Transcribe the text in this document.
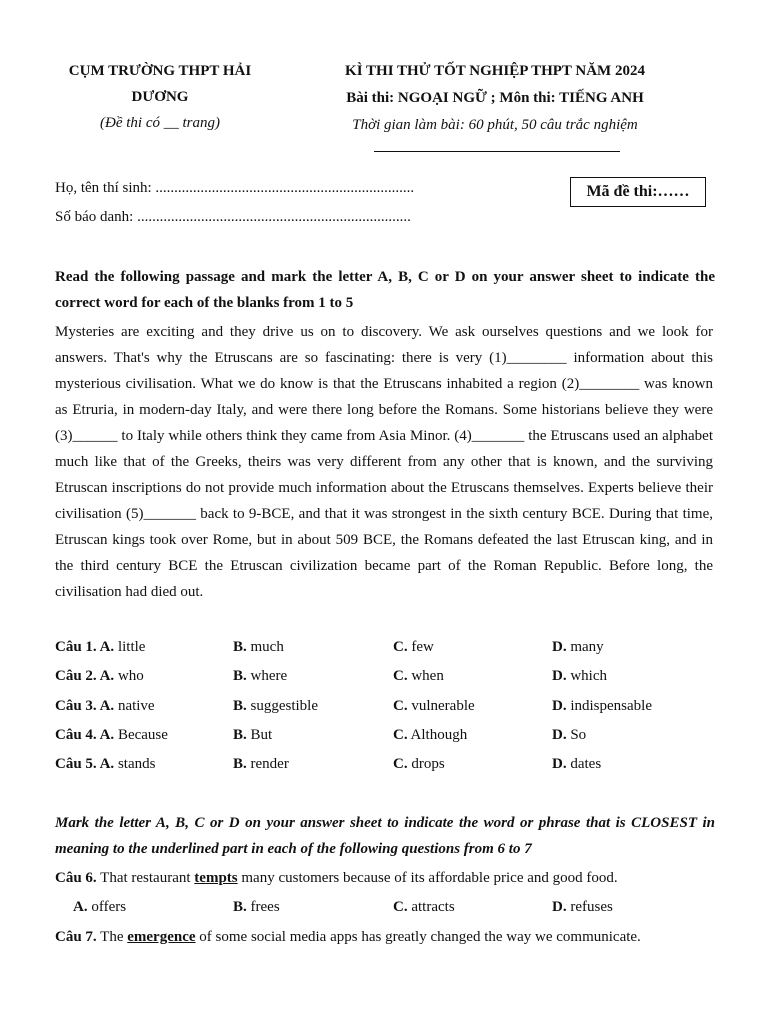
CỤM TRƯỜNG THPT HẢI
DƯƠNG
(Đề thi có __ trang)
KÌ THI THỬ TỐT NGHIỆP THPT NĂM 2024
Bài thi: NGOẠI NGỮ ; Môn thi: TIẾNG ANH
Thời gian làm bài: 60 phút, 50 câu trắc nghiệm
Mã đề thi:……
Họ, tên thí sinh: .....................................................................
Số báo danh: .........................................................................
Read the following passage and mark the letter A, B, C or D on your answer sheet to indicate the correct word for each of the blanks from 1 to 5

Mysteries are exciting and they drive us on to discovery. We ask ourselves questions and we look for answers. That's why the Etruscans are so fascinating: there is very (1)________ information about this mysterious civilisation. What we do know is that the Etruscans inhabited a region (2)________ was known as Etruria, in modern-day Italy, and were there long before the Romans. Some historians believe they were (3)______ to Italy while others think they came from Asia Minor. (4)_______ the Etruscans used an alphabet much like that of the Greeks, theirs was very different from any other that is known, and the surviving Etruscan inscriptions do not provide much information about the Etruscans themselves. Experts believe their civilisation (5)_______ back to 9-BCE, and that it was strongest in the sixth century BCE. During that time, Etruscan kings took over Rome, but in about 509 BCE, the Romans defeated the last Etruscan king, and in the third century BCE the Etruscan civilization became part of the Roman Republic. Before long, the civilisation had died out.

Câu 1. A. little	B. much	C. few	D. many
Câu 2. A. who	B. where	C. when	D. which
Câu 3. A. native	B. suggestible	C. vulnerable	D. indispensable
Câu 4. A. Because	B. But	C. Although	D. So
Câu 5. A. stands	B. render	C. drops	D. dates
Mark the letter A, B, C or D on your answer sheet to indicate the word or phrase that is CLOSEST in meaning to the underlined part in each of the following questions from 6 to 7
Câu 6. That restaurant tempts many customers because of its affordable price and good food.
A. offers	B. frees	C. attracts	D. refuses
Câu 7. The emergence of some social media apps has greatly changed the way we communicate.
